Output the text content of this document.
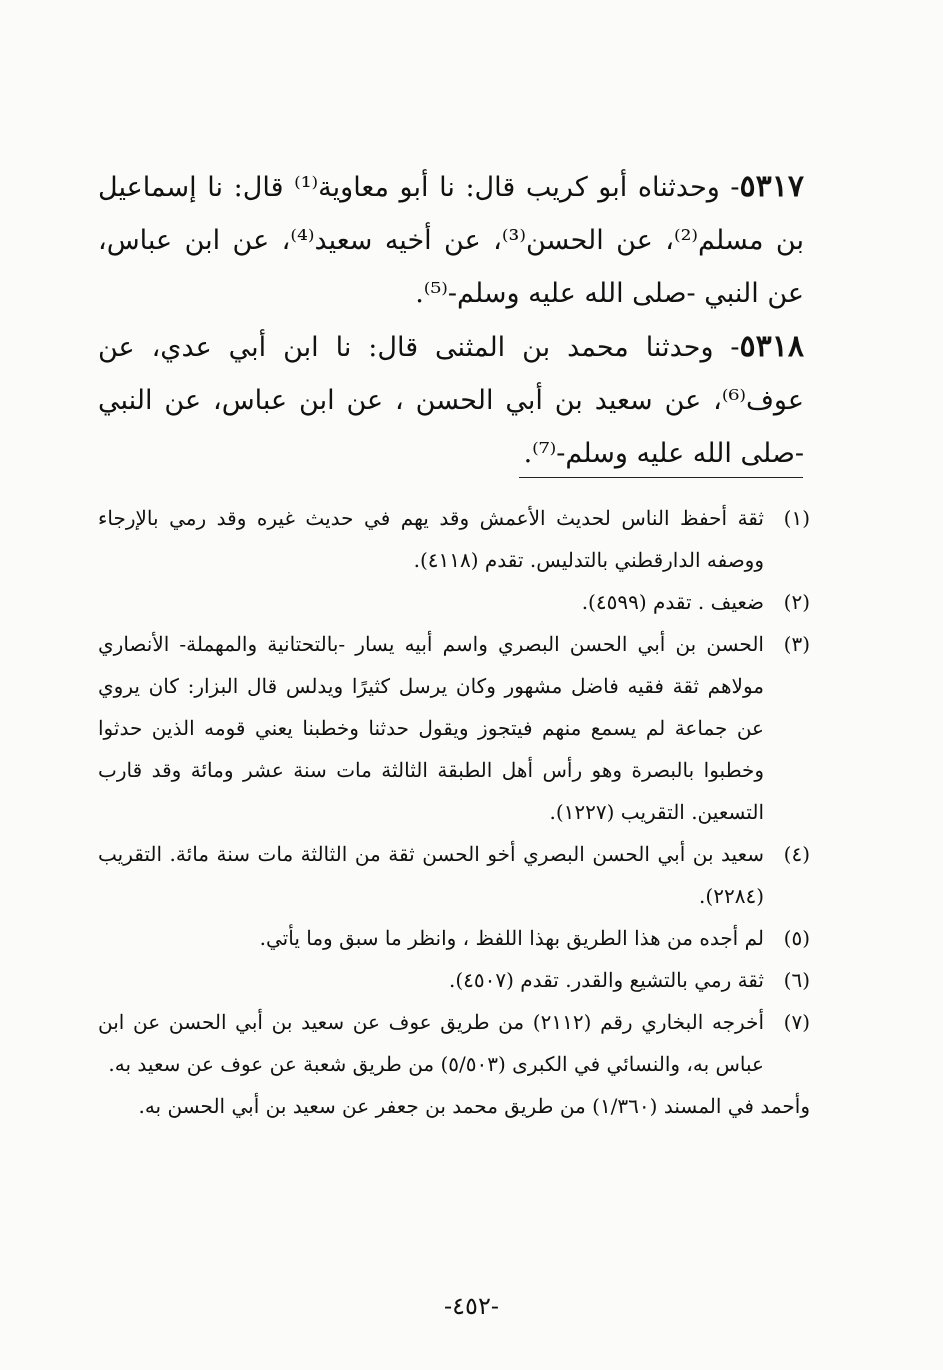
٥٣١٧- وحدثناه أبو كريب قال: نا أبو معاوية⁽¹⁾ قال: نا إسماعيل بن مسلم⁽²⁾، عن الحسن⁽³⁾، عن أخيه سعيد⁽⁴⁾، عن ابن عباس، عن النبي -صلى الله عليه وسلم-⁽⁵⁾.

٥٣١٨- وحدثنا محمد بن المثنى قال: نا ابن أبي عدي، عن عوف⁽⁶⁾، عن سعيد بن أبي الحسن ، عن ابن عباس، عن النبي -صلى الله عليه وسلم-⁽⁷⁾.

(١)
ثقة أحفظ الناس لحديث الأعمش وقد يهم في حديث غيره وقد رمي بالإرجاء ووصفه الدارقطني بالتدليس. تقدم (٤١١٨).

(٢)
ضعيف . تقدم (٤٥٩٩).

(٣)
الحسن بن أبي الحسن البصري واسم أبيه يسار -بالتحتانية والمهملة- الأنصاري مولاهم ثقة فقيه فاضل مشهور وكان يرسل كثيرًا ويدلس قال البزار: كان يروي عن جماعة لم يسمع منهم فيتجوز ويقول حدثنا وخطبنا يعني قومه الذين حدثوا وخطبوا بالبصرة وهو رأس أهل الطبقة الثالثة مات سنة عشر ومائة وقد قارب التسعين. التقريب (١٢٢٧).

(٤)
سعيد بن أبي الحسن البصري أخو الحسن ثقة من الثالثة مات سنة مائة. التقريب (٢٢٨٤).

(٥)
لم أجده من هذا الطريق بهذا اللفظ ، وانظر ما سبق وما يأتي.

(٦)
ثقة رمي بالتشيع والقدر. تقدم (٤٥٠٧).

(٧)
أخرجه البخاري رقم (٢١١٢) من طريق عوف عن سعيد بن أبي الحسن عن ابن عباس به، والنسائي في الكبرى (٥/٥٠٣) من طريق شعبة عن عوف عن سعيد به.

وأحمد في المسند (١/٣٦٠) من طريق محمد بن جعفر عن سعيد بن أبي الحسن به.

-٤٥٢-
